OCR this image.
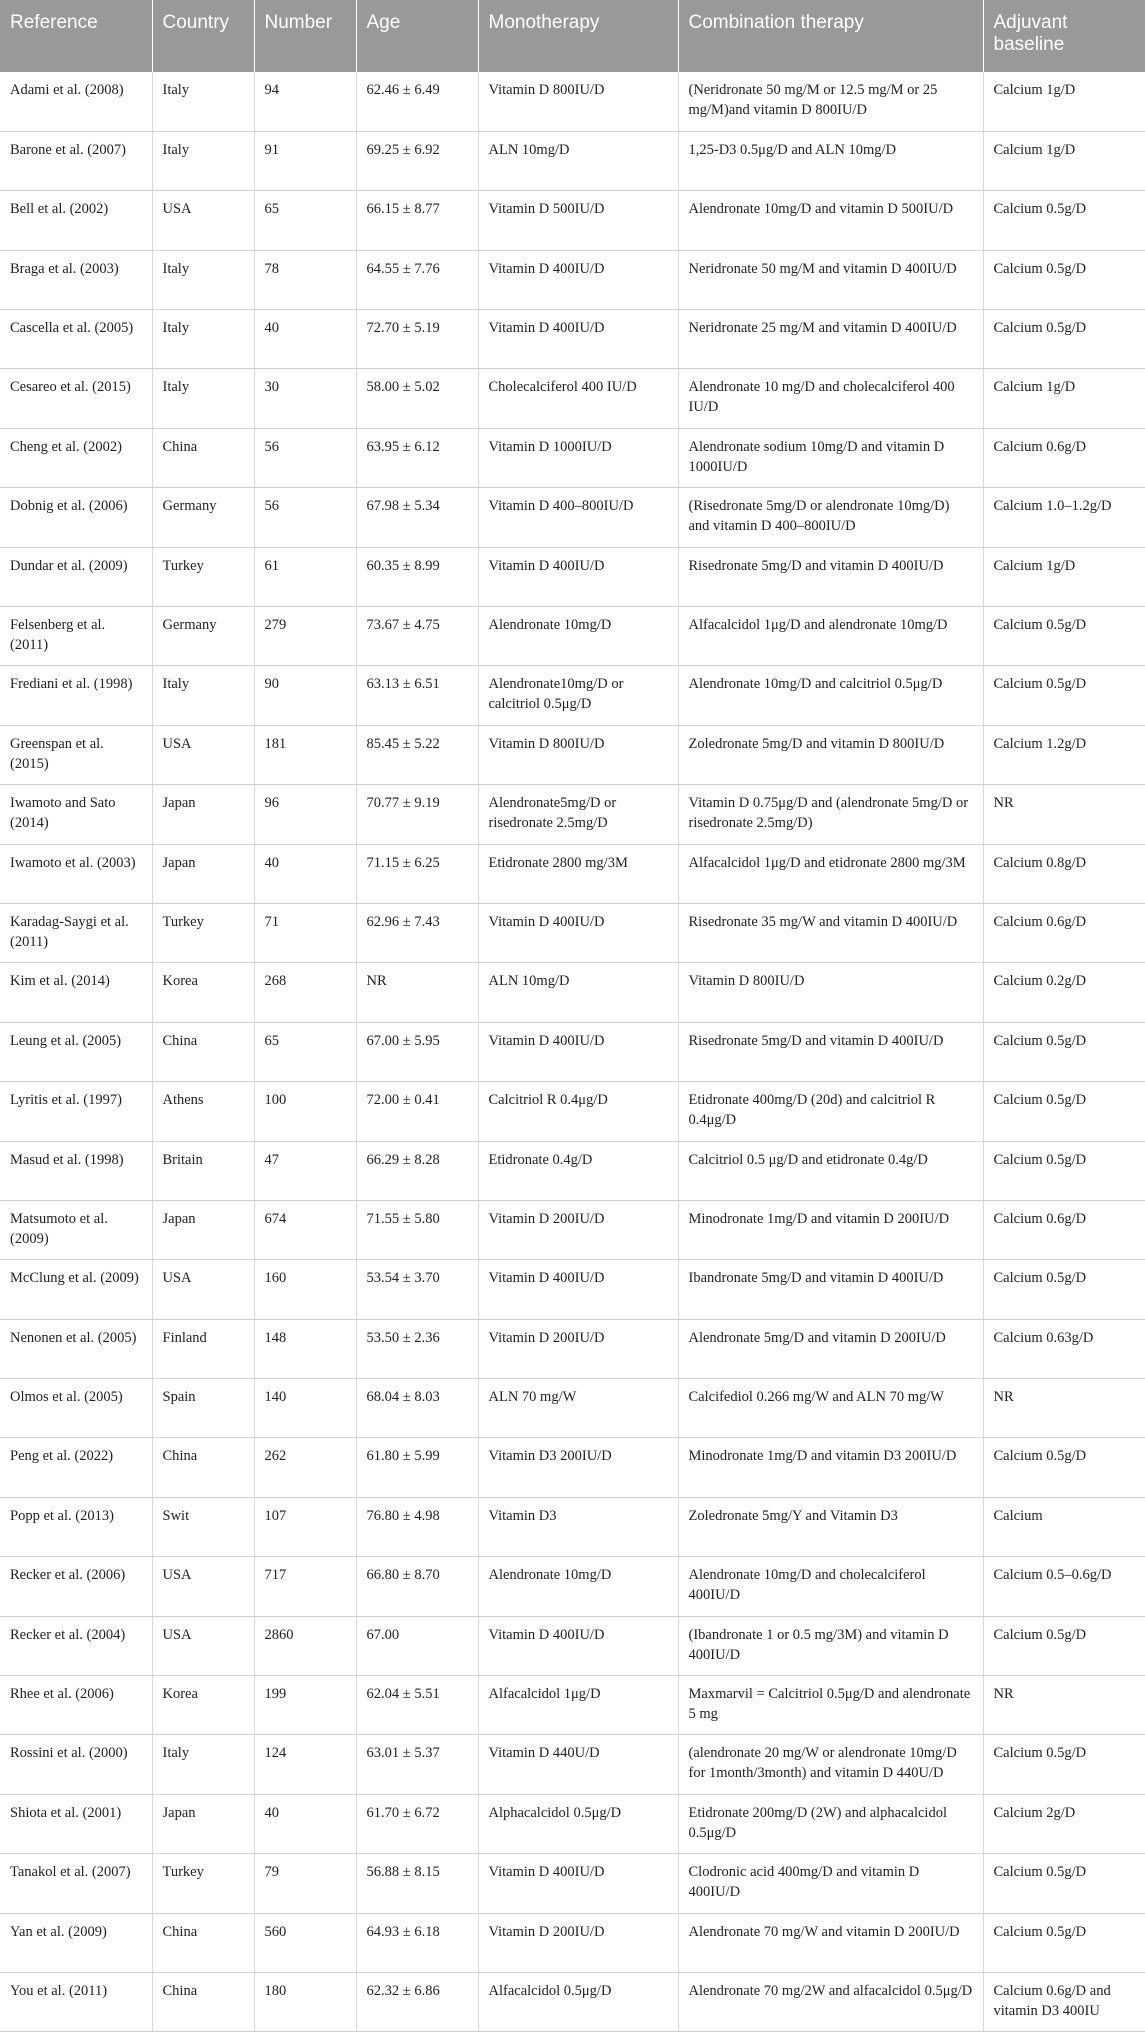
Reference	Country	Number	Age	Monotherapy	Combination therapy	Adjuvant baseline
Adami et al. (2008)	Italy	94	62.46 ± 6.49	Vitamin D 800IU/D	(Neridronate 50 mg/M or 12.5 mg/M or 25 mg/M)and vitamin D 800IU/D	Calcium 1g/D
Barone et al. (2007)	Italy	91	69.25 ± 6.92	ALN 10mg/D	1,25-D3 0.5μg/D and ALN 10mg/D	Calcium 1g/D
Bell et al. (2002)	USA	65	66.15 ± 8.77	Vitamin D 500IU/D	Alendronate 10mg/D and vitamin D 500IU/D	Calcium 0.5g/D
Braga et al. (2003)	Italy	78	64.55 ± 7.76	Vitamin D 400IU/D	Neridronate 50 mg/M and vitamin D 400IU/D	Calcium 0.5g/D
Cascella et al. (2005)	Italy	40	72.70 ± 5.19	Vitamin D 400IU/D	Neridronate 25 mg/M and vitamin D 400IU/D	Calcium 0.5g/D
Cesareo et al. (2015)	Italy	30	58.00 ± 5.02	Cholecalciferol 400 IU/D	Alendronate 10 mg/D and cholecalciferol 400 IU/D	Calcium 1g/D
Cheng et al. (2002)	China	56	63.95 ± 6.12	Vitamin D 1000IU/D	Alendronate sodium 10mg/D and vitamin D 1000IU/D	Calcium 0.6g/D
Dobnig et al. (2006)	Germany	56	67.98 ± 5.34	Vitamin D 400–800IU/D	(Risedronate 5mg/D or alendronate 10mg/D) and vitamin D 400–800IU/D	Calcium 1.0–1.2g/D
Dundar et al. (2009)	Turkey	61	60.35 ± 8.99	Vitamin D 400IU/D	Risedronate 5mg/D and vitamin D 400IU/D	Calcium 1g/D
Felsenberg et al. (2011)	Germany	279	73.67 ± 4.75	Alendronate 10mg/D	Alfacalcidol 1μg/D and alendronate 10mg/D	Calcium 0.5g/D
Frediani et al. (1998)	Italy	90	63.13 ± 6.51	Alendronate10mg/D or calcitriol 0.5μg/D	Alendronate 10mg/D and calcitriol 0.5μg/D	Calcium 0.5g/D
Greenspan et al. (2015)	USA	181	85.45 ± 5.22	Vitamin D 800IU/D	Zoledronate 5mg/D and vitamin D 800IU/D	Calcium 1.2g/D
Iwamoto and Sato (2014)	Japan	96	70.77 ± 9.19	Alendronate5mg/D or risedronate 2.5mg/D	Vitamin D 0.75μg/D and (alendronate 5mg/D or risedronate 2.5mg/D)	NR
Iwamoto et al. (2003)	Japan	40	71.15 ± 6.25	Etidronate 2800 mg/3M	Alfacalcidol 1μg/D and etidronate 2800 mg/3M	Calcium 0.8g/D
Karadag-Saygi et al. (2011)	Turkey	71	62.96 ± 7.43	Vitamin D 400IU/D	Risedronate 35 mg/W and vitamin D 400IU/D	Calcium 0.6g/D
Kim et al. (2014)	Korea	268	NR	ALN 10mg/D	Vitamin D 800IU/D	Calcium 0.2g/D
Leung et al. (2005)	China	65	67.00 ± 5.95	Vitamin D 400IU/D	Risedronate 5mg/D and vitamin D 400IU/D	Calcium 0.5g/D
Lyritis et al. (1997)	Athens	100	72.00 ± 0.41	Calcitriol R 0.4μg/D	Etidronate 400mg/D (20d) and calcitriol R 0.4μg/D	Calcium 0.5g/D
Masud et al. (1998)	Britain	47	66.29 ± 8.28	Etidronate 0.4g/D	Calcitriol 0.5 μg/D and etidronate 0.4g/D	Calcium 0.5g/D
Matsumoto et al. (2009)	Japan	674	71.55 ± 5.80	Vitamin D 200IU/D	Minodronate 1mg/D and vitamin D 200IU/D	Calcium 0.6g/D
McClung et al. (2009)	USA	160	53.54 ± 3.70	Vitamin D 400IU/D	Ibandronate 5mg/D and vitamin D 400IU/D	Calcium 0.5g/D
Nenonen et al. (2005)	Finland	148	53.50 ± 2.36	Vitamin D 200IU/D	Alendronate 5mg/D and vitamin D 200IU/D	Calcium 0.63g/D
Olmos et al. (2005)	Spain	140	68.04 ± 8.03	ALN 70 mg/W	Calcifediol 0.266 mg/W and ALN 70 mg/W	NR
Peng et al. (2022)	China	262	61.80 ± 5.99	Vitamin D3 200IU/D	Minodronate 1mg/D and vitamin D3 200IU/D	Calcium 0.5g/D
Popp et al. (2013)	Swit	107	76.80 ± 4.98	Vitamin D3	Zoledronate 5mg/Y and Vitamin D3	Calcium
Recker et al. (2006)	USA	717	66.80 ± 8.70	Alendronate 10mg/D	Alendronate 10mg/D and cholecalciferol 400IU/D	Calcium 0.5–0.6g/D
Recker et al. (2004)	USA	2860	67.00	Vitamin D 400IU/D	(Ibandronate 1 or 0.5 mg/3M) and vitamin D 400IU/D	Calcium 0.5g/D
Rhee et al. (2006)	Korea	199	62.04 ± 5.51	Alfacalcidol 1μg/D	Maxmarvil = Calcitriol 0.5μg/D and alendronate 5 mg	NR
Rossini et al. (2000)	Italy	124	63.01 ± 5.37	Vitamin D 440U/D	(alendronate 20 mg/W or alendronate 10mg/D for 1month/3month) and vitamin D 440U/D	Calcium 0.5g/D
Shiota et al. (2001)	Japan	40	61.70 ± 6.72	Alphacalcidol 0.5μg/D	Etidronate 200mg/D (2W) and alphacalcidol 0.5μg/D	Calcium 2g/D
Tanakol et al. (2007)	Turkey	79	56.88 ± 8.15	Vitamin D 400IU/D	Clodronic acid 400mg/D and vitamin D 400IU/D	Calcium 0.5g/D
Yan et al. (2009)	China	560	64.93 ± 6.18	Vitamin D 200IU/D	Alendronate 70 mg/W and vitamin D 200IU/D	Calcium 0.5g/D
You et al. (2011)	China	180	62.32 ± 6.86	Alfacalcidol 0.5μg/D	Alendronate 70 mg/2W and alfacalcidol 0.5μg/D	Calcium 0.6g/D and vitamin D3 400IU
